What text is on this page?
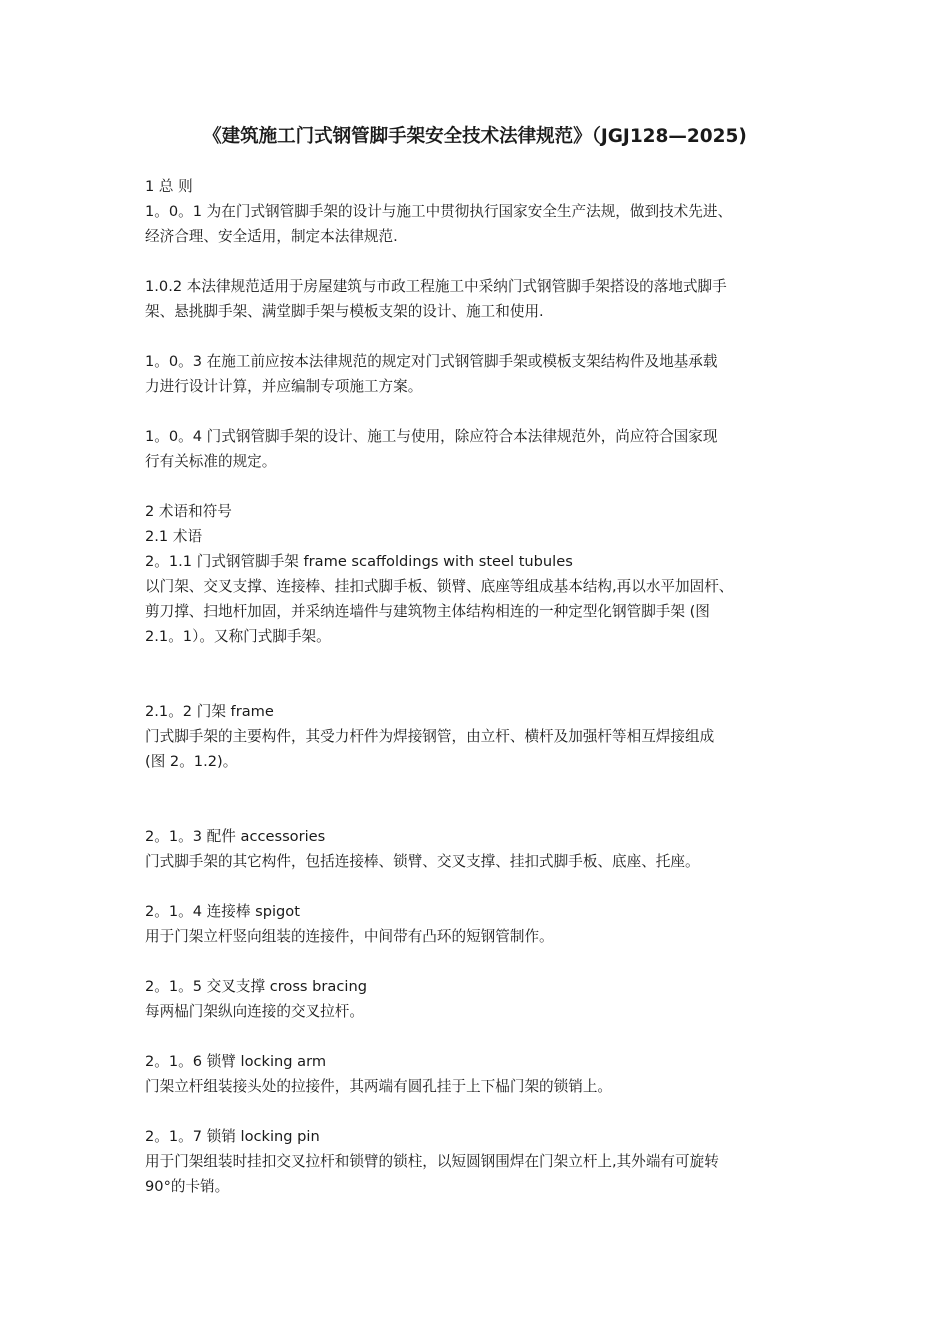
《建筑施工门式钢管脚手架安全技术法律规范》（JGJ128—2025)
1 总 则
1。0。1 为在门式钢管脚手架的设计与施工中贯彻执行国家安全生产法规，做到技术先进、
经济合理、安全适用，制定本法律规范.
1.0.2 本法律规范适用于房屋建筑与市政工程施工中采纳门式钢管脚手架搭设的落地式脚手
架、悬挑脚手架、满堂脚手架与模板支架的设计、施工和使用.
1。0。3 在施工前应按本法律规范的规定对门式钢管脚手架或模板支架结构件及地基承载
力进行设计计算，并应编制专项施工方案。
1。0。4 门式钢管脚手架的设计、施工与使用，除应符合本法律规范外，尚应符合国家现
行有关标准的规定。
2 术语和符号
2.1 术语
2。1.1 门式钢管脚手架 frame scaffoldings with steel tubules
以门架、交叉支撑、连接棒、挂扣式脚手板、锁臂、底座等组成基本结构,再以水平加固杆、
剪刀撑、扫地杆加固，并采纳连墙件与建筑物主体结构相连的一种定型化钢管脚手架 (图
2.1。1）。又称门式脚手架。
2.1。2 门架 frame
门式脚手架的主要构件，其受力杆件为焊接钢管，由立杆、横杆及加强杆等相互焊接组成
(图 2。1.2)。
2。1。3 配件 accessories
门式脚手架的其它构件，包括连接棒、锁臂、交叉支撑、挂扣式脚手板、底座、托座。
2。1。4 连接棒 spigot
用于门架立杆竖向组装的连接件，中间带有凸环的短钢管制作。
2。1。5 交叉支撑 cross bracing
每两榀门架纵向连接的交叉拉杆。
2。1。6 锁臂 locking arm
门架立杆组装接头处的拉接件，其两端有圆孔挂于上下榀门架的锁销上。
2。1。7 锁销 locking pin
用于门架组装时挂扣交叉拉杆和锁臂的锁柱，以短圆钢围焊在门架立杆上,其外端有可旋转
90°的卡销。
